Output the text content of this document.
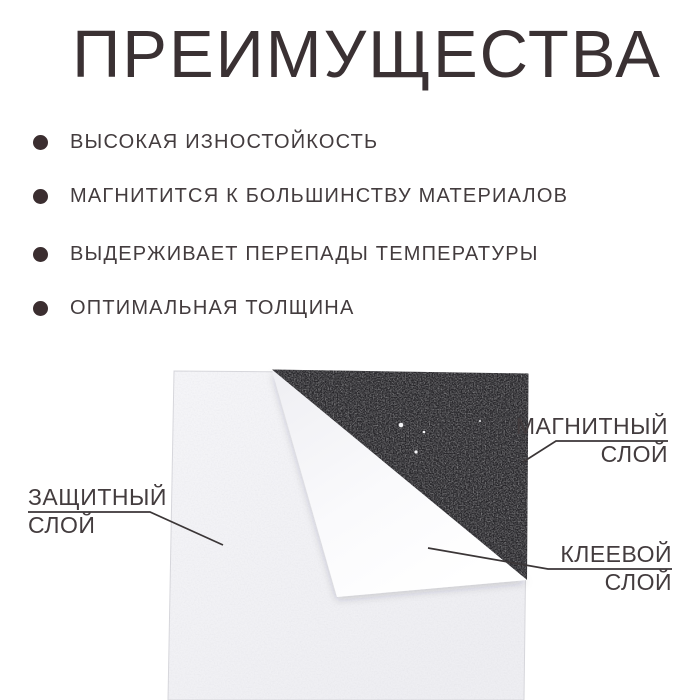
ПРЕИМУЩЕСТВА
ВЫСОКАЯ ИЗНОСТОЙКОСТЬ
МАГНИТИТСЯ К БОЛЬШИНСТВУ МАТЕРИАЛОВ
ВЫДЕРЖИВАЕТ ПЕРЕПАДЫ ТЕМПЕРАТУРЫ
ОПТИМАЛЬНАЯ ТОЛЩИНА
ЗАЩИТНЫЙ
СЛОЙ
МАГНИТНЫЙ
СЛОЙ
КЛЕЕВОЙ
СЛОЙ
